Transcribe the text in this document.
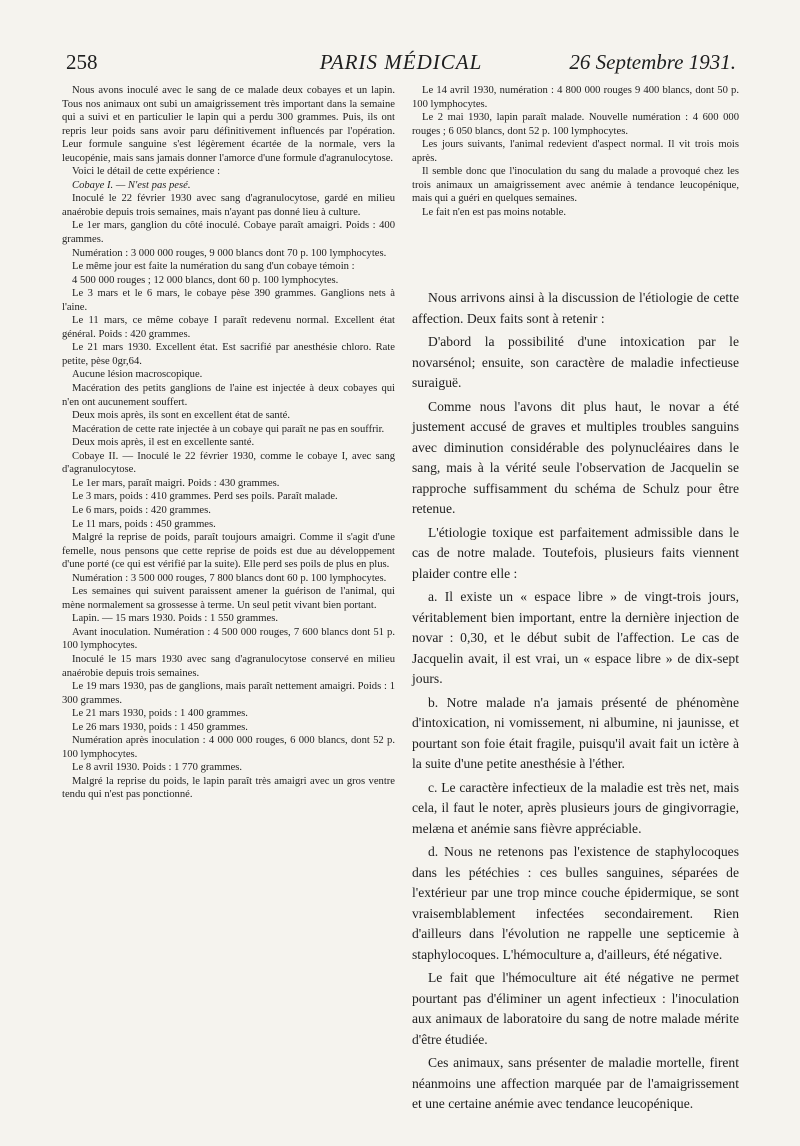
258	PARIS MÉDICAL	26 Septembre 1931.

Nous avons inoculé avec le sang de ce malade deux cobayes et un lapin. Tous nos animaux ont subi un amaigrissement très important dans la semaine qui a suivi et en particulier le lapin qui a perdu 300 grammes. Puis, ils ont repris leur poids sans avoir paru définitivement influencés par l'opération. Leur formule sanguine s'est légèrement écartée de la normale, vers la leucopénie, mais sans jamais donner l'amorce d'une formule d'agranulocytose.

Voici le détail de cette expérience :

Cobaye I. — N'est pas pesé.

Inoculé le 22 février 1930 avec sang d'agranulocytose, gardé en milieu anaérobie depuis trois semaines, mais n'ayant pas donné lieu à culture.

Le 1er mars, ganglion du côté inoculé. Cobaye paraît amaigri. Poids : 400 grammes.

Numération : 3 000 000 rouges, 9 000 blancs dont 70 p. 100 lymphocytes.

Le même jour est faite la numération du sang d'un cobaye témoin :

4 500 000 rouges ; 12 000 blancs, dont 60 p. 100 lymphocytes.

Le 3 mars et le 6 mars, le cobaye pèse 390 grammes. Ganglions nets à l'aine.

Le 11 mars, ce même cobaye I paraît redevenu normal. Excellent état général. Poids : 420 grammes.

Le 21 mars 1930. Excellent état. Est sacrifié par anesthésie chloro. Rate petite, pèse 0gr,64.

Aucune lésion macroscopique.

Macération des petits ganglions de l'aine est injectée à deux cobayes qui n'en ont aucunement souffert.

Deux mois après, ils sont en excellent état de santé.

Macération de cette rate injectée à un cobaye qui paraît ne pas en souffrir.

Deux mois après, il est en excellente santé.

Cobaye II. — Inoculé le 22 février 1930, comme le cobaye I, avec sang d'agranulocytose.

Le 1er mars, paraît maigri. Poids : 430 grammes.

Le 3 mars, poids : 410 grammes. Perd ses poils. Paraît malade.

Le 6 mars, poids : 420 grammes.

Le 11 mars, poids : 450 grammes.

Malgré la reprise de poids, paraît toujours amaigri. Comme il s'agit d'une femelle, nous pensons que cette reprise de poids est due au développement d'une porté (ce qui est vérifié par la suite). Elle perd ses poils de plus en plus.

Numération : 3 500 000 rouges, 7 800 blancs dont 60 p. 100 lymphocytes.

Les semaines qui suivent paraissent amener la guérison de l'animal, qui mène normalement sa grossesse à terme. Un seul petit vivant bien portant.

Lapin. — 15 mars 1930. Poids : 1 550 grammes.

Avant inoculation. Numération : 4 500 000 rouges, 7 600 blancs dont 51 p. 100 lymphocytes.

Inoculé le 15 mars 1930 avec sang d'agranulocytose conservé en milieu anaérobie depuis trois semaines.

Le 19 mars 1930, pas de ganglions, mais paraît nettement amaigri. Poids : 1 300 grammes.

Le 21 mars 1930, poids : 1 400 grammes.

Le 26 mars 1930, poids : 1 450 grammes.

Numération après inoculation : 4 000 000 rouges, 6 000 blancs, dont 52 p. 100 lymphocytes.

Le 8 avril 1930. Poids : 1 770 grammes.

Malgré la reprise du poids, le lapin paraît très amaigri avec un gros ventre tendu qui n'est pas ponctionné.

Le 14 avril 1930, numération : 4 800 000 rouges 9 400 blancs, dont 50 p. 100 lymphocytes.

Le 2 mai 1930, lapin paraît malade. Nouvelle numération : 4 600 000 rouges ; 6 050 blancs, dont 52 p. 100 lymphocytes.

Les jours suivants, l'animal redevient d'aspect normal. Il vit trois mois après.

Il semble donc que l'inoculation du sang du malade a provoqué chez les trois animaux un amaigrissement avec anémie à tendance leucopénique, mais qui a guéri en quelques semaines.

Le fait n'en est pas moins notable.

Nous arrivons ainsi à la discussion de l'étiologie de cette affection. Deux faits sont à retenir :

D'abord la possibilité d'une intoxication par le novarsénol; ensuite, son caractère de maladie infectieuse suraiguë.

Comme nous l'avons dit plus haut, le novar a été justement accusé de graves et multiples troubles sanguins avec diminution considérable des polynucléaires dans le sang, mais à la vérité seule l'observation de Jacquelin se rapproche suffisamment du schéma de Schulz pour être retenue.

L'étiologie toxique est parfaitement admissible dans le cas de notre malade. Toutefois, plusieurs faits viennent plaider contre elle :

a. Il existe un « espace libre » de vingt-trois jours, véritablement bien important, entre la dernière injection de novar : 0,30, et le début subit de l'affection. Le cas de Jacquelin avait, il est vrai, un « espace libre » de dix-sept jours.

b. Notre malade n'a jamais présenté de phénomène d'intoxication, ni vomissement, ni albumine, ni jaunisse, et pourtant son foie était fragile, puisqu'il avait fait un ictère à la suite d'une petite anesthésie à l'éther.

c. Le caractère infectieux de la maladie est très net, mais cela, il faut le noter, après plusieurs jours de gingivorragie, melæna et anémie sans fièvre appréciable.

d. Nous ne retenons pas l'existence de staphylocoques dans les pétéchies : ces bulles sanguines, séparées de l'extérieur par une trop mince couche épidermique, se sont vraisemblablement infectées secondairement. Rien d'ailleurs dans l'évolution ne rappelle une septicemie à staphylocoques. L'hémoculture a, d'ailleurs, été négative.

Le fait que l'hémoculture ait été négative ne permet pourtant pas d'éliminer un agent infectieux : l'inoculation aux animaux de laboratoire du sang de notre malade mérite d'être étudiée.

Ces animaux, sans présenter de maladie mortelle, firent néanmoins une affection marquée par de l'amaigrissement et une certaine anémie avec tendance leucopénique.
